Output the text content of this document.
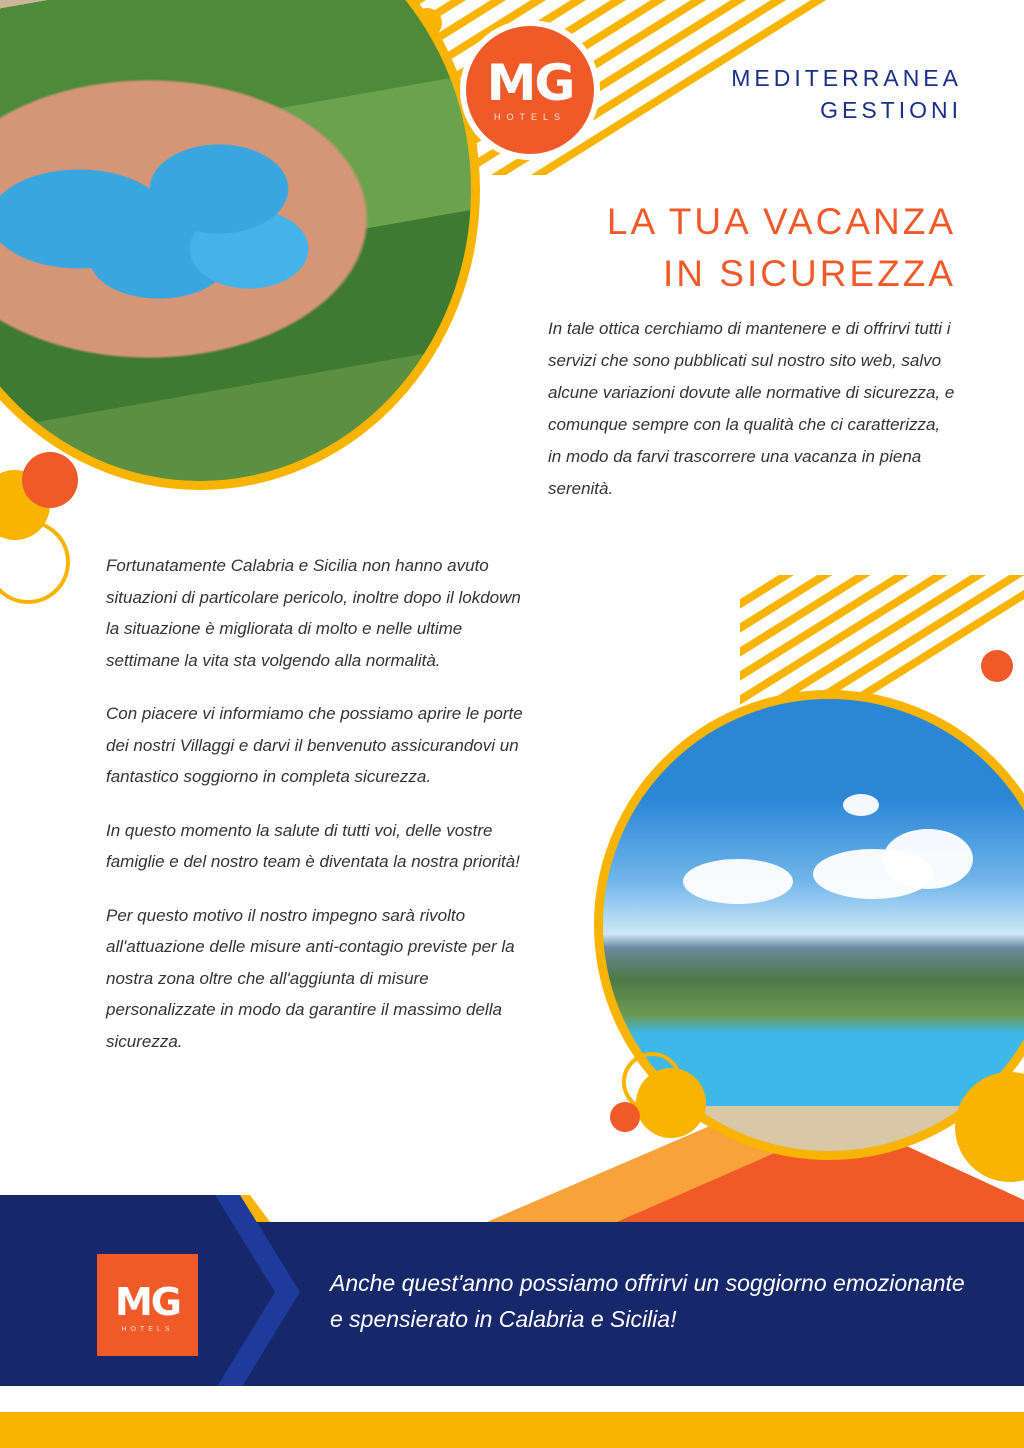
MG
HOTELS
MEDITERRANEA
GESTIONI
LA TUA VACANZA
IN SICUREZZA
In tale ottica cerchiamo di mantenere e di offrirvi tutti i servizi che sono pubblicati sul nostro sito web, salvo alcune variazioni dovute alle normative di sicurezza, e comunque sempre con la qualità che ci caratterizza, in modo da farvi trascorrere una vacanza in piena serenità.

Fortunatamente Calabria e Sicilia non hanno avuto situazioni di particolare pericolo, inoltre dopo il lokdown la situazione è migliorata di molto e nelle ultime settimane la vita sta volgendo alla normalità.

Con piacere vi informiamo che possiamo aprire le porte dei nostri Villaggi e darvi il benvenuto assicurandovi un fantastico soggiorno in completa sicurezza.

In questo momento la salute di tutti voi, delle vostre famiglie e del nostro team è diventata la nostra priorità!

Per questo motivo il nostro impegno sarà rivolto all'attuazione delle misure anti-contagio previste per la nostra zona oltre che all'aggiunta di misure personalizzate in modo da garantire il massimo della sicurezza.

MG
HOTELS
Anche quest'anno possiamo offrirvi un soggiorno emozionante e spensierato in Calabria e Sicilia!
